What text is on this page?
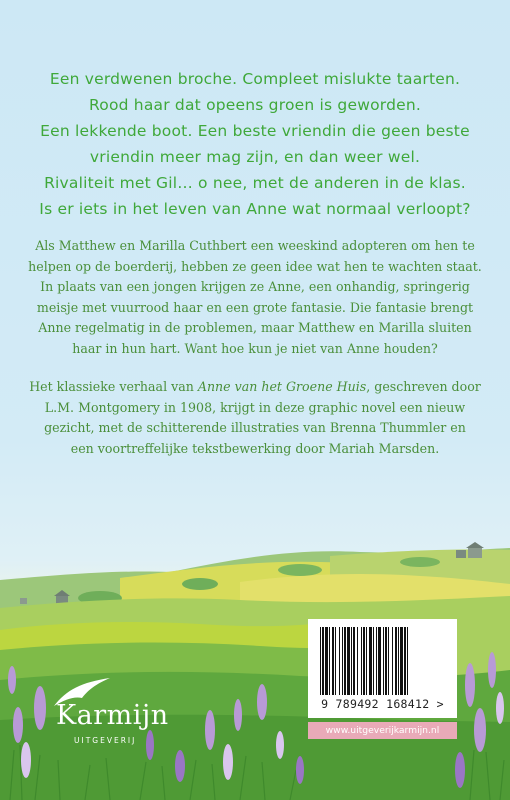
Een verdwenen broche. Compleet mislukte taarten.
Rood haar dat opeens groen is geworden.
Een lekkende boot. Een beste vriendin die geen beste
vriendin meer mag zijn, en dan weer wel.
Rivaliteit met Gil… o nee, met de anderen in de klas.
Is er iets in het leven van Anne wat normaal verloopt?
Als Matthew en Marilla Cuthbert een weeskind adopteren om hen te
helpen op de boerderij, hebben ze geen idee wat hen te wachten staat.
In plaats van een jongen krijgen ze Anne, een onhandig, springerig
meisje met vuurrood haar en een grote fantasie. Die fantasie brengt
Anne regelmatig in de problemen, maar Matthew en Marilla sluiten
haar in hun hart. Want hoe kun je niet van Anne houden?
Het klassieke verhaal van Anne van het Groene Huis, geschreven door
L.M. Montgomery in 1908, krijgt in deze graphic novel een nieuw
gezicht, met de schitterende illustraties van Brenna Thummler en
een voortreffelijke tekstbewerking door Mariah Marsden.
Karmijn
UITGEVERIJ
9 789492 168412 >
www.uitgeverijkarmijn.nl
